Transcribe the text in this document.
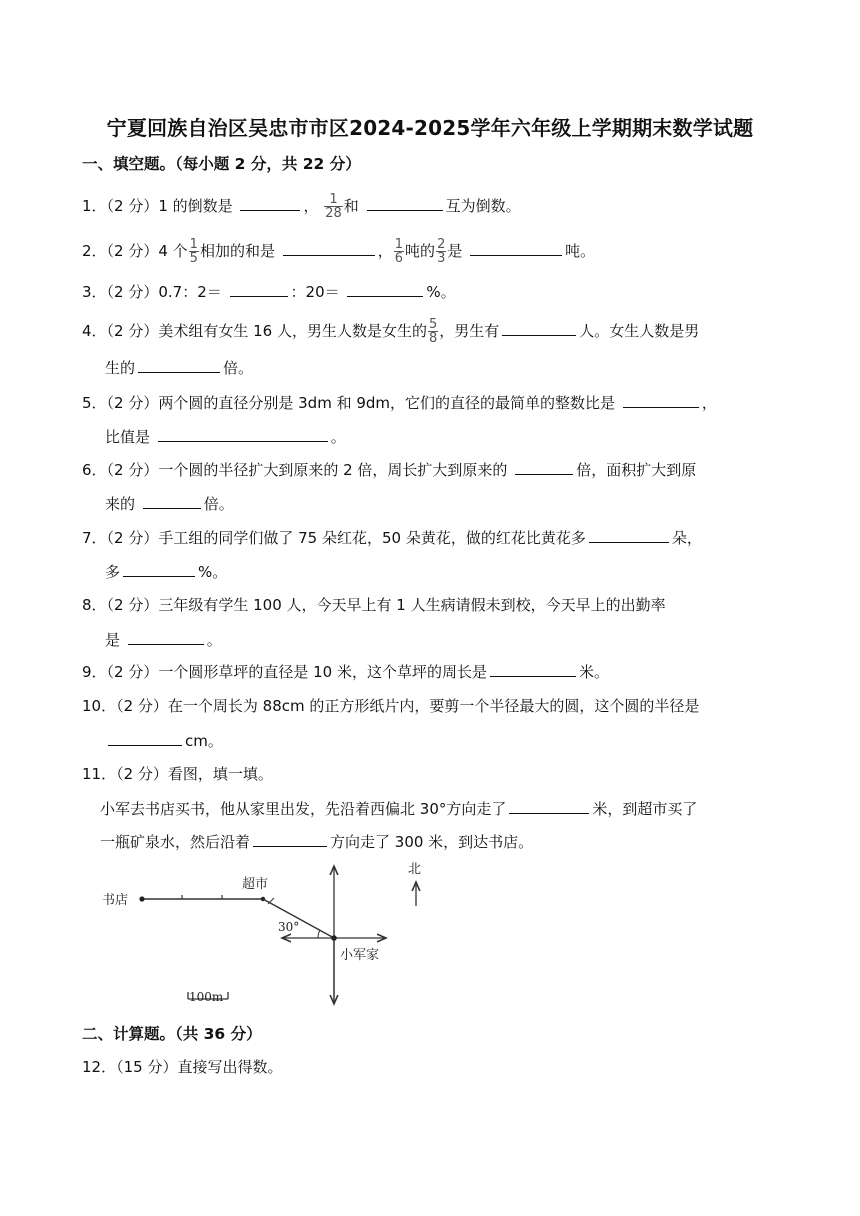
宁夏回族自治区吴忠市市区2024-2025学年六年级上学期期末数学试题
一、填空题。（每小题 2 分，共 22 分）
1．（2 分）1 的倒数是	， $\frac{1}{28}$ 和	互为倒数。
2．（2 分）4 个 $\frac{1}{5}$ 相加的和是	， $\frac{1}{6}$ 吨的 $\frac{2}{3}$ 是	吨。
3．（2 分）0.7：2＝	：20＝	%。
4．（2 分）美术组有女生 16 人，男生人数是女生的 $\frac{5}{8}$ ，男生有	人。女生人数是男
生的	倍。
5．（2 分）两个圆的直径分别是 3dm 和 9dm，它们的直径的最简单的整数比是	，
比值是	。
6．（2 分）一个圆的半径扩大到原来的 2 倍，周长扩大到原来的	倍，面积扩大到原
来的	倍。
7．（2 分）手工组的同学们做了 75 朵红花，50 朵黄花，做的红花比黄花多	朵，
多	%。
8．（2 分）三年级有学生 100 人，今天早上有 1 人生病请假未到校，今天早上的出勤率
是	。
9．（2 分）一个圆形草坪的直径是 10 米，这个草坪的周长是	米。
10．（2 分）在一个周长为 88cm 的正方形纸片内，要剪一个半径最大的圆，这个圆的半径是
cm。
11．（2 分）看图，填一填。
小军去书店买书，他从家里出发，先沿着西偏北 30°方向走了	米，到超市买了
一瓶矿泉水，然后沿着	方向走了 300 米，到达书店。
书店
超市
小军家
北
30°
100m
二、计算题。（共 36 分）
12．（15 分）直接写出得数。
